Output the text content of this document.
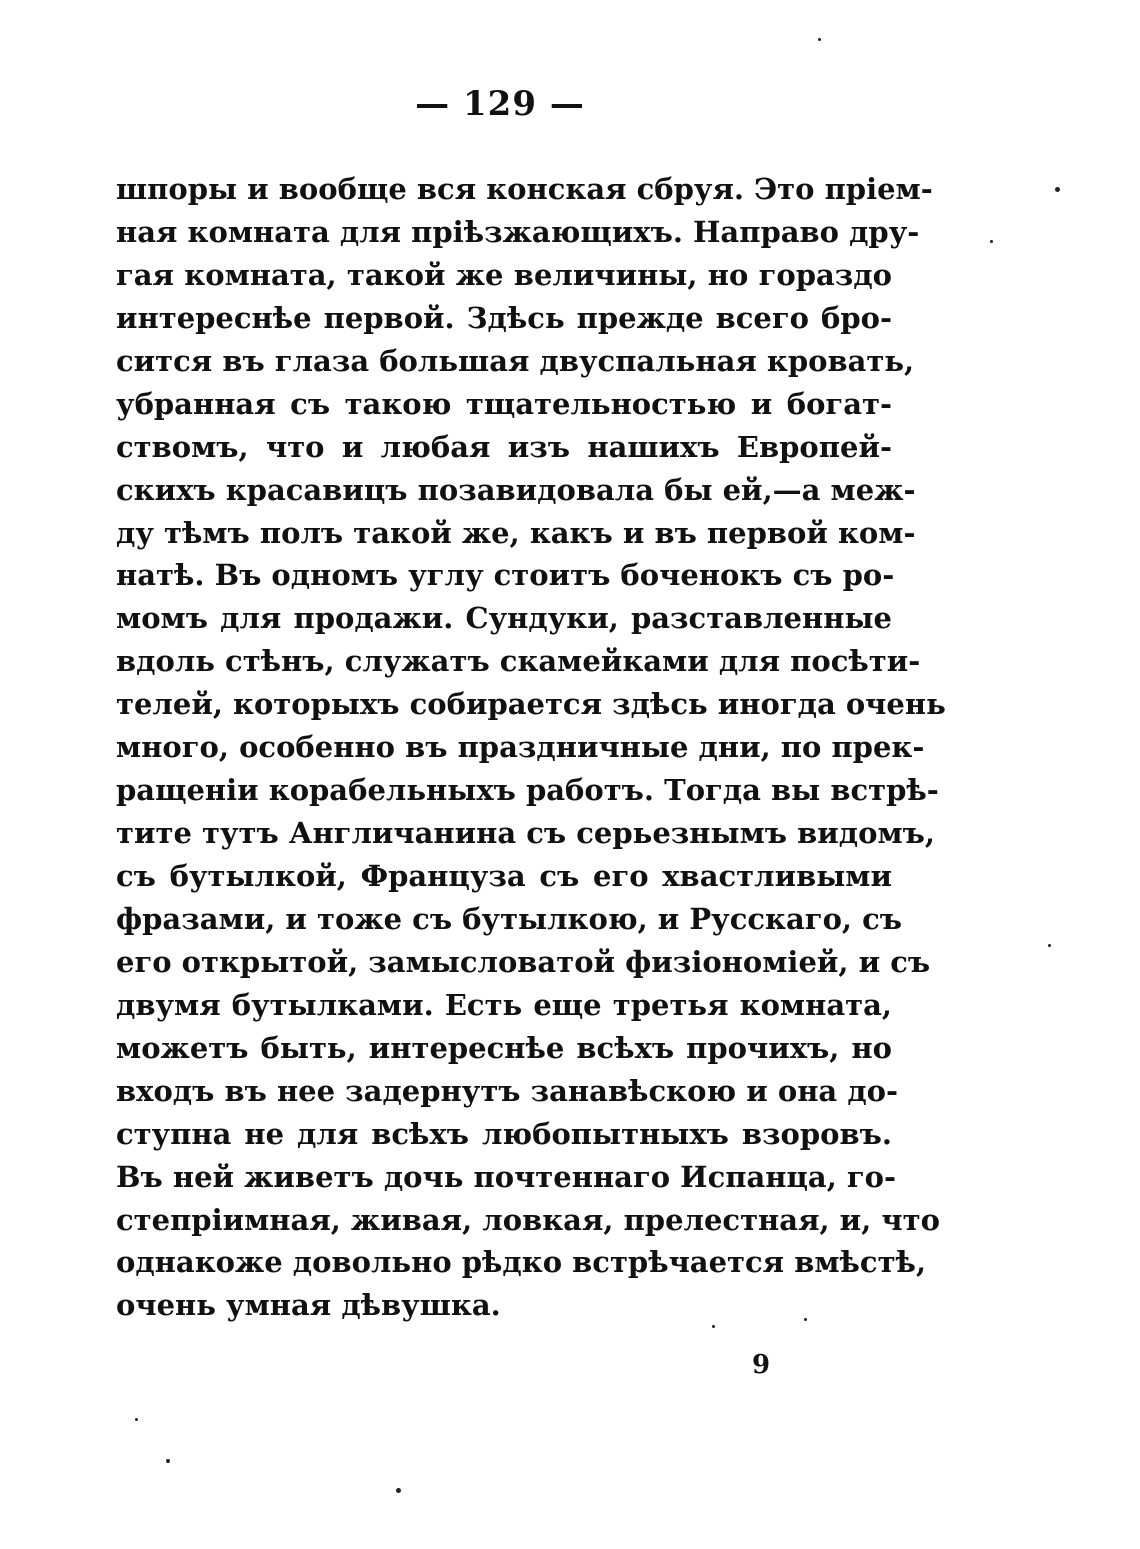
— 129 —
шпоры и вообще вся конская сбруя. Это пріем-
ная комната для пріѣзжающихъ. Направо дру-
гая комната, такой же величины, но гораздо
интереснѣе первой. Здѣсь прежде всего бро-
сится въ глаза большая двуспальная кровать,
убранная съ такою тщательностью и богат-
ствомъ, что и любая изъ нашихъ Европей-
скихъ красавицъ позавидовала бы ей,—а меж-
ду тѣмъ полъ такой же, какъ и въ первой ком-
натѣ. Въ одномъ углу стоитъ боченокъ съ ро-
момъ для продажи. Сундуки, разставленные
вдоль стѣнъ, служатъ скамейками для посѣти-
телей, которыхъ собирается здѣсь иногда очень
много, особенно въ праздничные дни, по прек-
ращеніи корабельныхъ работъ. Тогда вы встрѣ-
тите тутъ Англичанина съ серьезнымъ видомъ,
съ бутылкой, Француза съ его хвастливыми
фразами, и тоже съ бутылкою, и Русскаго, съ
его открытой, замысловатой физіономіей, и съ
двумя бутылками. Есть еще третья комната,
можетъ быть, интереснѣе всѣхъ прочихъ, но
входъ въ нее задернутъ занавѣскою и она до-
ступна не для всѣхъ любопытныхъ взоровъ.
Въ ней живетъ дочь почтеннаго Испанца, го-
степріимная, живая, ловкая, прелестная, и, что
однакоже довольно рѣдко встрѣчается вмѣстѣ,
очень умная дѣвушка.
9
